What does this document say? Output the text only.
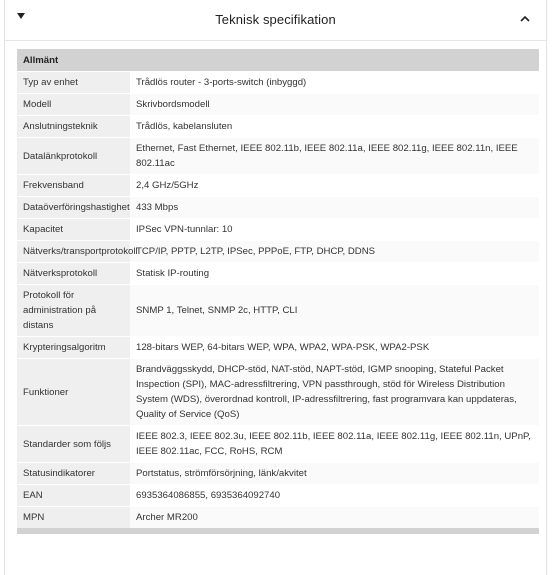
Teknisk specifikation
Allmänt	
Typ av enhet	Trådlös router - 3-ports-switch (inbyggd)
Modell	Skrivbordsmodell
Anslutningsteknik	Trådlös, kabelansluten
Datalänkprotokoll	Ethernet, Fast Ethernet, IEEE 802.11b, IEEE 802.11a, IEEE 802.11g, IEEE 802.11n, IEEE 802.11ac
Frekvensband	2,4 GHz/5GHz
Dataöverföringshastighet	433 Mbps
Kapacitet	IPSec VPN-tunnlar: 10
Nätverks/transportprotokoll	TCP/IP, PPTP, L2TP, IPSec, PPPoE, FTP, DHCP, DDNS
Nätverksprotokoll	Statisk IP-routing
Protokoll för administration på distans	SNMP 1, Telnet, SNMP 2c, HTTP, CLI
Krypteringsalgoritm	128-bitars WEP, 64-bitars WEP, WPA, WPA2, WPA-PSK, WPA2-PSK
Funktioner	Brandväggsskydd, DHCP-stöd, NAT-stöd, NAPT-stöd, IGMP snooping, Stateful Packet Inspection (SPI), MAC-adressfiltrering, VPN passthrough, stöd för Wireless Distribution System (WDS), överordnad kontroll, IP-adressfiltrering, fast programvara kan uppdateras, Quality of Service (QoS)
Standarder som följs	IEEE 802.3, IEEE 802.3u, IEEE 802.11b, IEEE 802.11a, IEEE 802.11g, IEEE 802.11n, UPnP, IEEE 802.11ac, FCC, RoHS, RCM
Statusindikatorer	Portstatus, strömförsörjning, länk/akvitet
EAN	6935364086855, 6935364092740
MPN	Archer MR200
